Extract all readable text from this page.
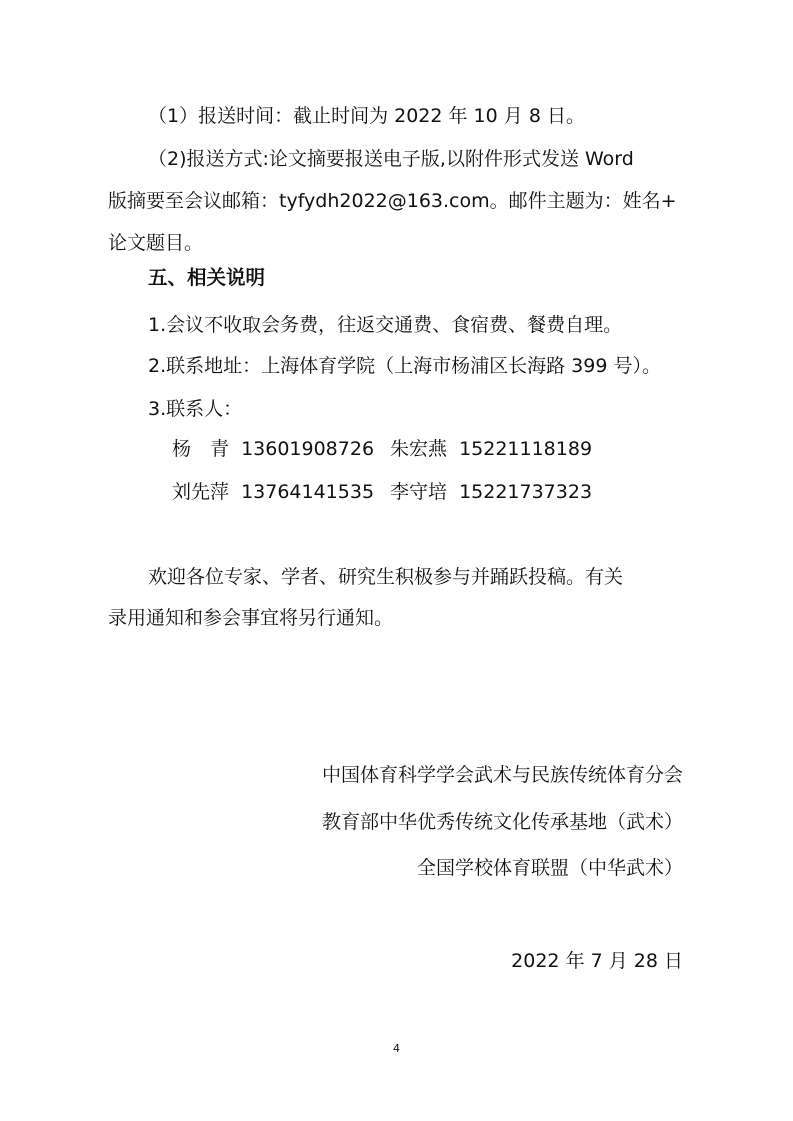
（1）报送时间：截止时间为 2022 年 10 月 8 日。
（2)报送方式:论文摘要报送电子版,以附件形式发送 Word
版摘要至会议邮箱：tyfydh2022@163.com。邮件主题为：姓名+
论文题目。
五、相关说明
1.会议不收取会务费，往返交通费、食宿费、餐费自理。
2.联系地址：上海体育学院（上海市杨浦区长海路 399 号）。
3.联系人：
杨　青 13601908726 朱宏燕 15221118189
刘先萍 13764141535 李守培 15221737323
欢迎各位专家、学者、研究生积极参与并踊跃投稿。有关
录用通知和参会事宜将另行通知。
中国体育科学学会武术与民族传统体育分会
教育部中华优秀传统文化传承基地（武术）
全国学校体育联盟（中华武术）
2022 年 7 月 28 日
4
